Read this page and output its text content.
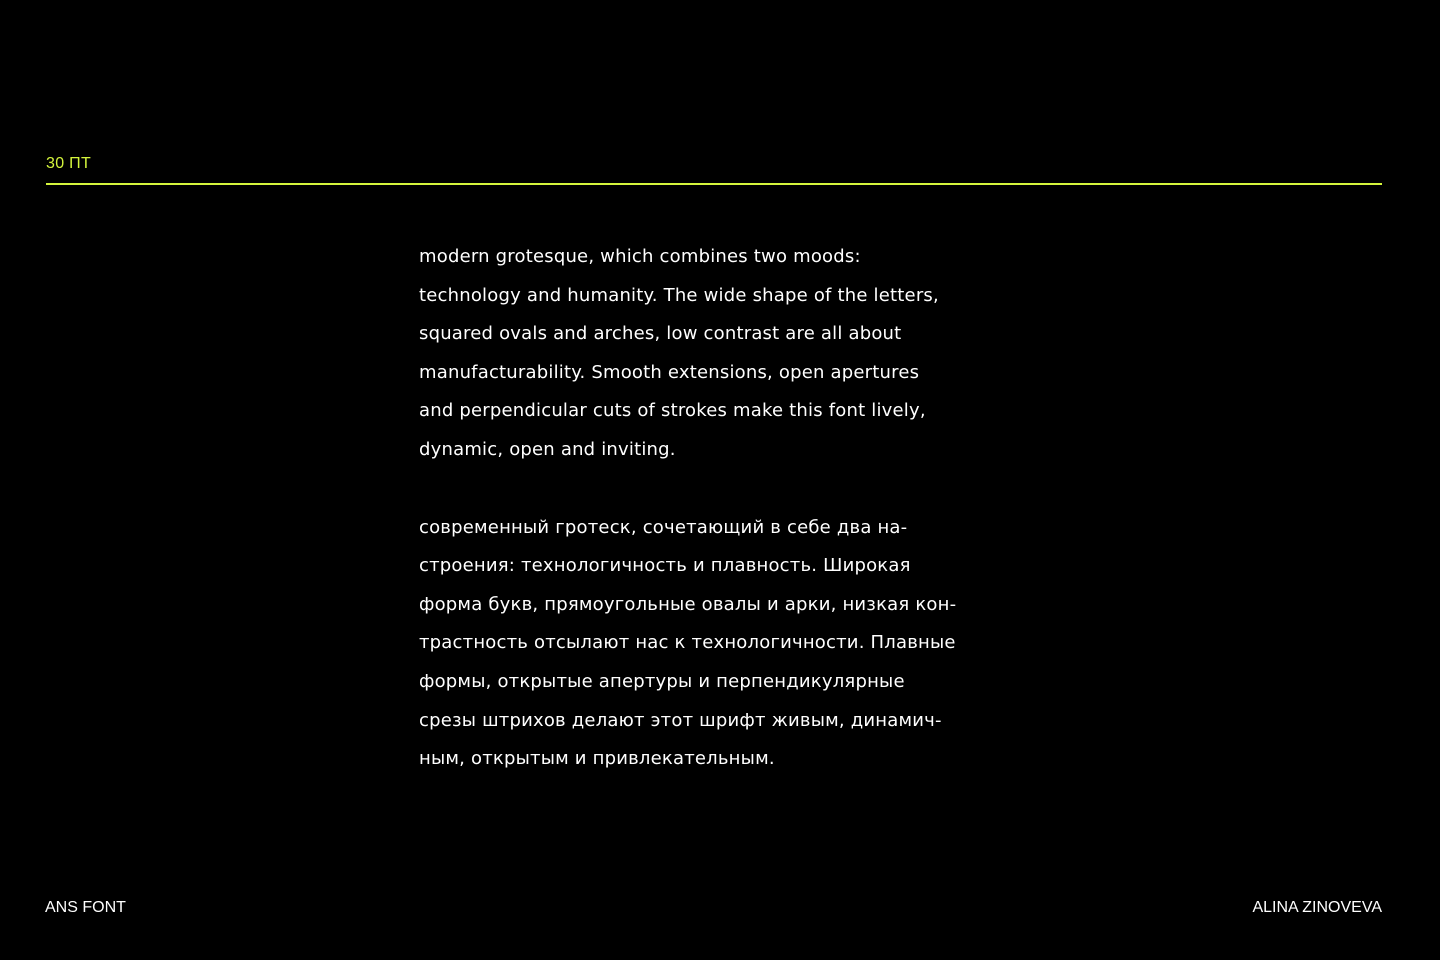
30 ПТ

modern grotesque, which combines two moods:
technology and humanity. The wide shape of the letters,
squared ovals and arches, low contrast are all about
manufacturability. Smooth extensions, open apertures
and perpendicular cuts of strokes make this font lively,
dynamic, open and inviting.

современный гротеск, сочетающий в себе два на-
строения: технологичность и плавность. Широкая
форма букв, прямоугольные овалы и арки, низкая кон-
трастность отсылают нас к технологичности. Плавные
формы, открытые апертуры и перпендикулярные
срезы штрихов делают этот шрифт живым, динамич-
ным, открытым и привлекательным.

ANS FONT	ALINA ZINOVEVA
